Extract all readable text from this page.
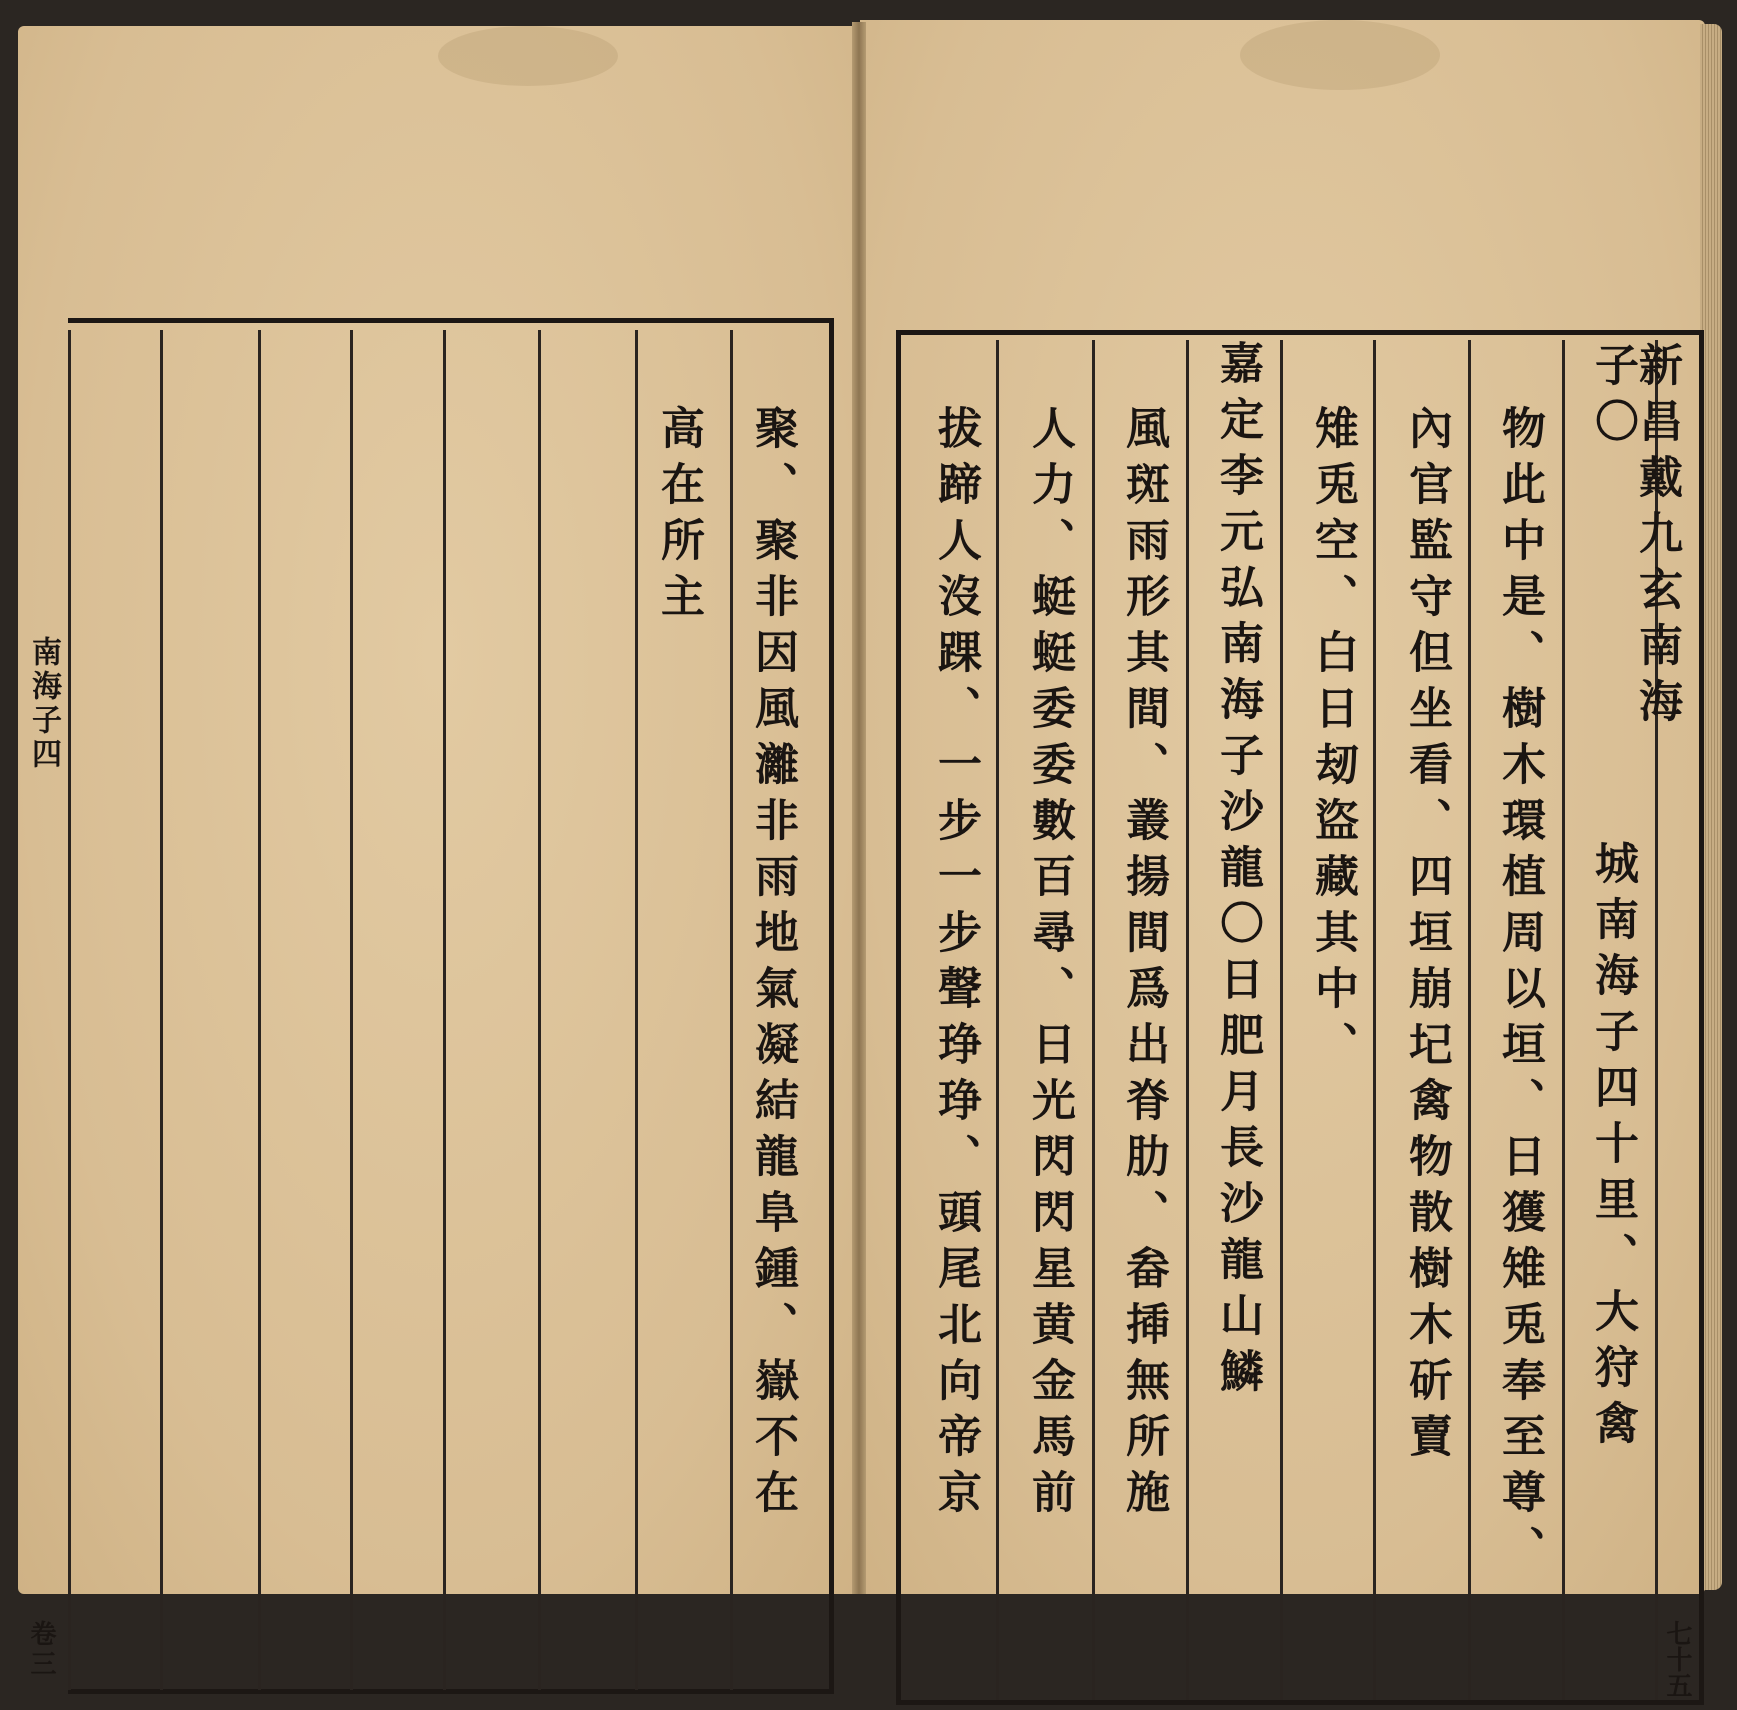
聚、聚非因風灕非雨地氣凝結龍阜鍾、嶽不在
高在所主
南海子四
卷三
新昌戴九玄南海子〇
城南海子四十里、大狩禽
物此中是、樹木環植周以垣、日獲雉兎奉至尊、
內官監守但坐看、四垣崩圮禽物散樹木斫賣
雉兎空、白日刼盜藏其中、
嘉定李元弘南海子沙龍〇日肥月長沙龍山鱗
風斑雨形其間、叢揚間爲出脊肋、畚揷無所施
人力、蜓蜓委委數百尋、日光閃閃星黄金馬前
拔蹄人沒踝、一步一步聲琤琤、頭尾北向帝京
七十五
